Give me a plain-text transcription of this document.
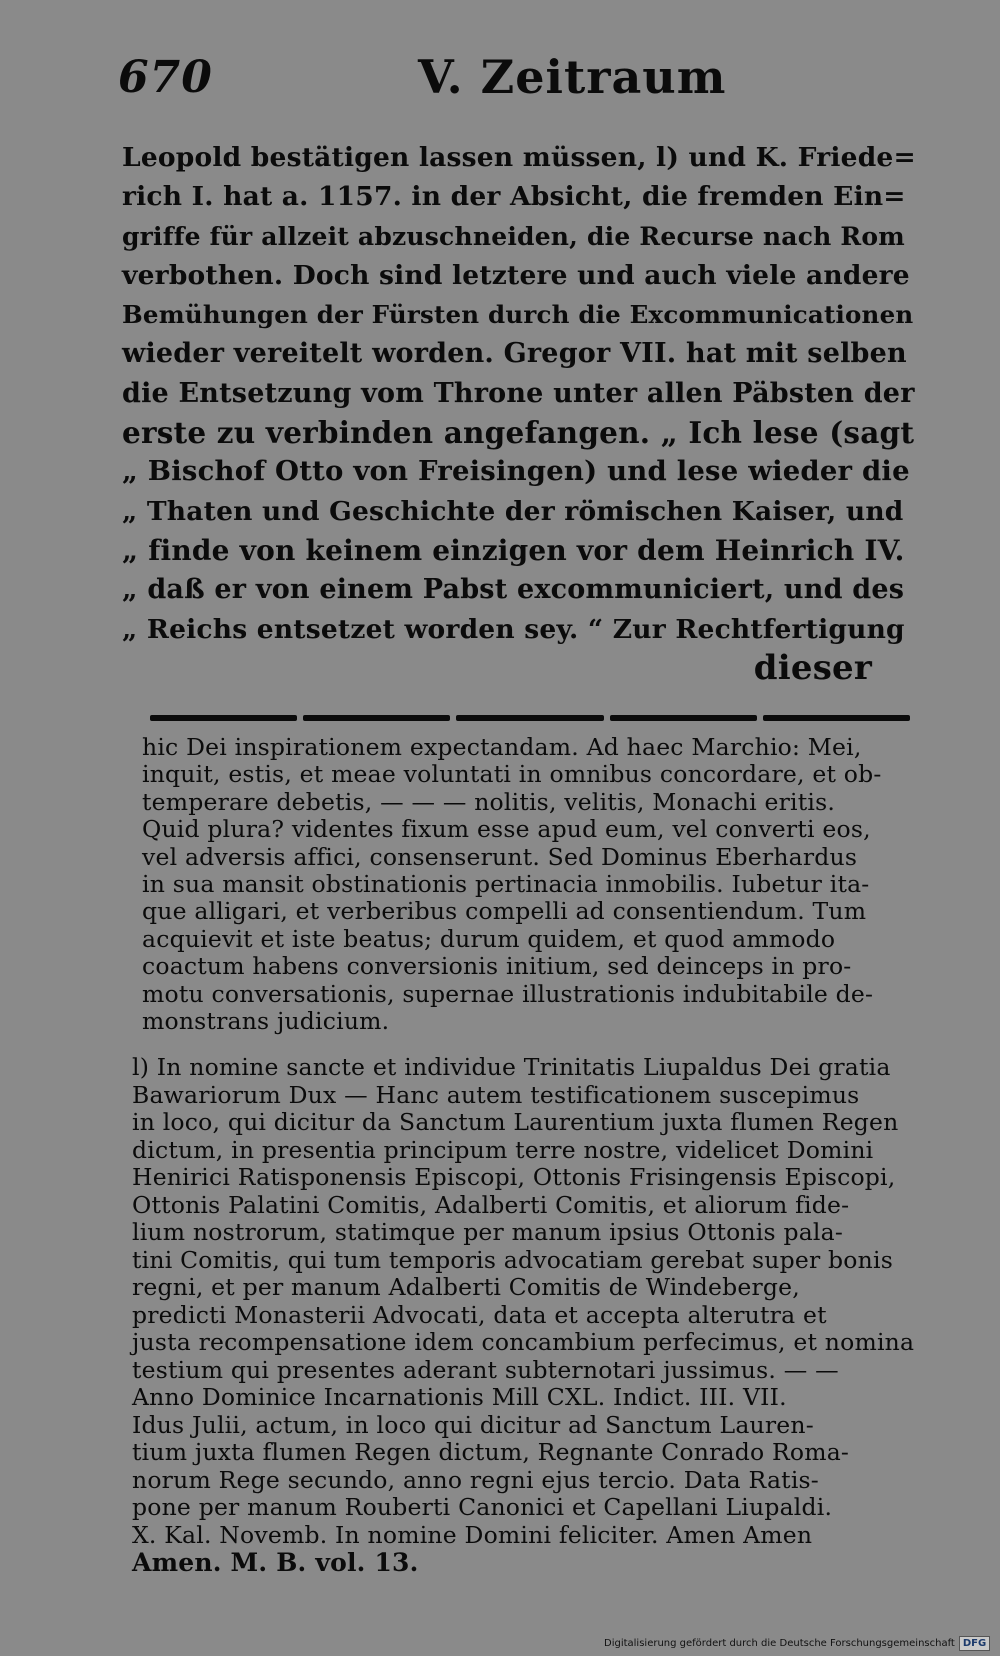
670	V. Zeitraum
Leopold bestätigen lassen müssen, l) und K. Friede=
rich I. hat a. 1157. in der Absicht, die fremden Ein=
griffe für allzeit abzuschneiden, die Recurse nach Rom
verbothen. Doch sind letztere und auch viele andere
Bemühungen der Fürsten durch die Excommunicationen
wieder vereitelt worden. Gregor VII. hat mit selben
die Entsetzung vom Throne unter allen Päbsten der
erste zu verbinden angefangen. „ Ich lese (sagt
„ Bischof Otto von Freisingen) und lese wieder die
„ Thaten und Geschichte der römischen Kaiser, und
„ finde von keinem einzigen vor dem Heinrich IV.
„ daß er von einem Pabst excommuniciert, und des
„ Reichs entsetzet worden sey. “ Zur Rechtfertigung
dieser
hic Dei inspirationem expectandam. Ad haec Marchio: Mei,
inquit, estis, et meae voluntati in omnibus concordare, et ob-
temperare debetis, — — — nolitis, velitis, Monachi eritis.
Quid plura? videntes fixum esse apud eum, vel converti eos,
vel adversis affici, consenserunt. Sed Dominus Eberhardus
in sua mansit obstinationis pertinacia inmobilis. Iubetur ita-
que alligari, et verberibus compelli ad consentiendum. Tum
acquievit et iste beatus; durum quidem, et quod ammodo
coactum habens conversionis initium, sed deinceps in pro-
motu conversationis, supernae illustrationis indubitabile de-
monstrans judicium.
l) In nomine sancte et individue Trinitatis Liupaldus Dei gratia
Bawariorum Dux — Hanc autem testificationem suscepimus
in loco, qui dicitur da Sanctum Laurentium juxta flumen Regen
dictum, in presentia principum terre nostre, videlicet Domini
Henirici Ratisponensis Episcopi, Ottonis Frisingensis Episcopi,
Ottonis Palatini Comitis, Adalberti Comitis, et aliorum fide-
lium nostrorum, statimque per manum ipsius Ottonis pala-
tini Comitis, qui tum temporis advocatiam gerebat super bonis
regni, et per manum Adalberti Comitis de Windeberge,
predicti Monasterii Advocati, data et accepta alterutra et
justa recompensatione idem concambium perfecimus, et nomina
testium qui presentes aderant subternotari jussimus. — —
Anno Dominice Incarnationis Mill CXL. Indict. III. VII.
Idus Julii, actum, in loco qui dicitur ad Sanctum Lauren-
tium juxta flumen Regen dictum, Regnante Conrado Roma-
norum Rege secundo, anno regni ejus tercio. Data Ratis-
pone per manum Rouberti Canonici et Capellani Liupaldi.
X. Kal. Novemb. In nomine Domini feliciter. Amen Amen
Amen. M. B. vol. 13.
Digitalisierung gefördert durch die Deutsche Forschungsgemeinschaft DFG
